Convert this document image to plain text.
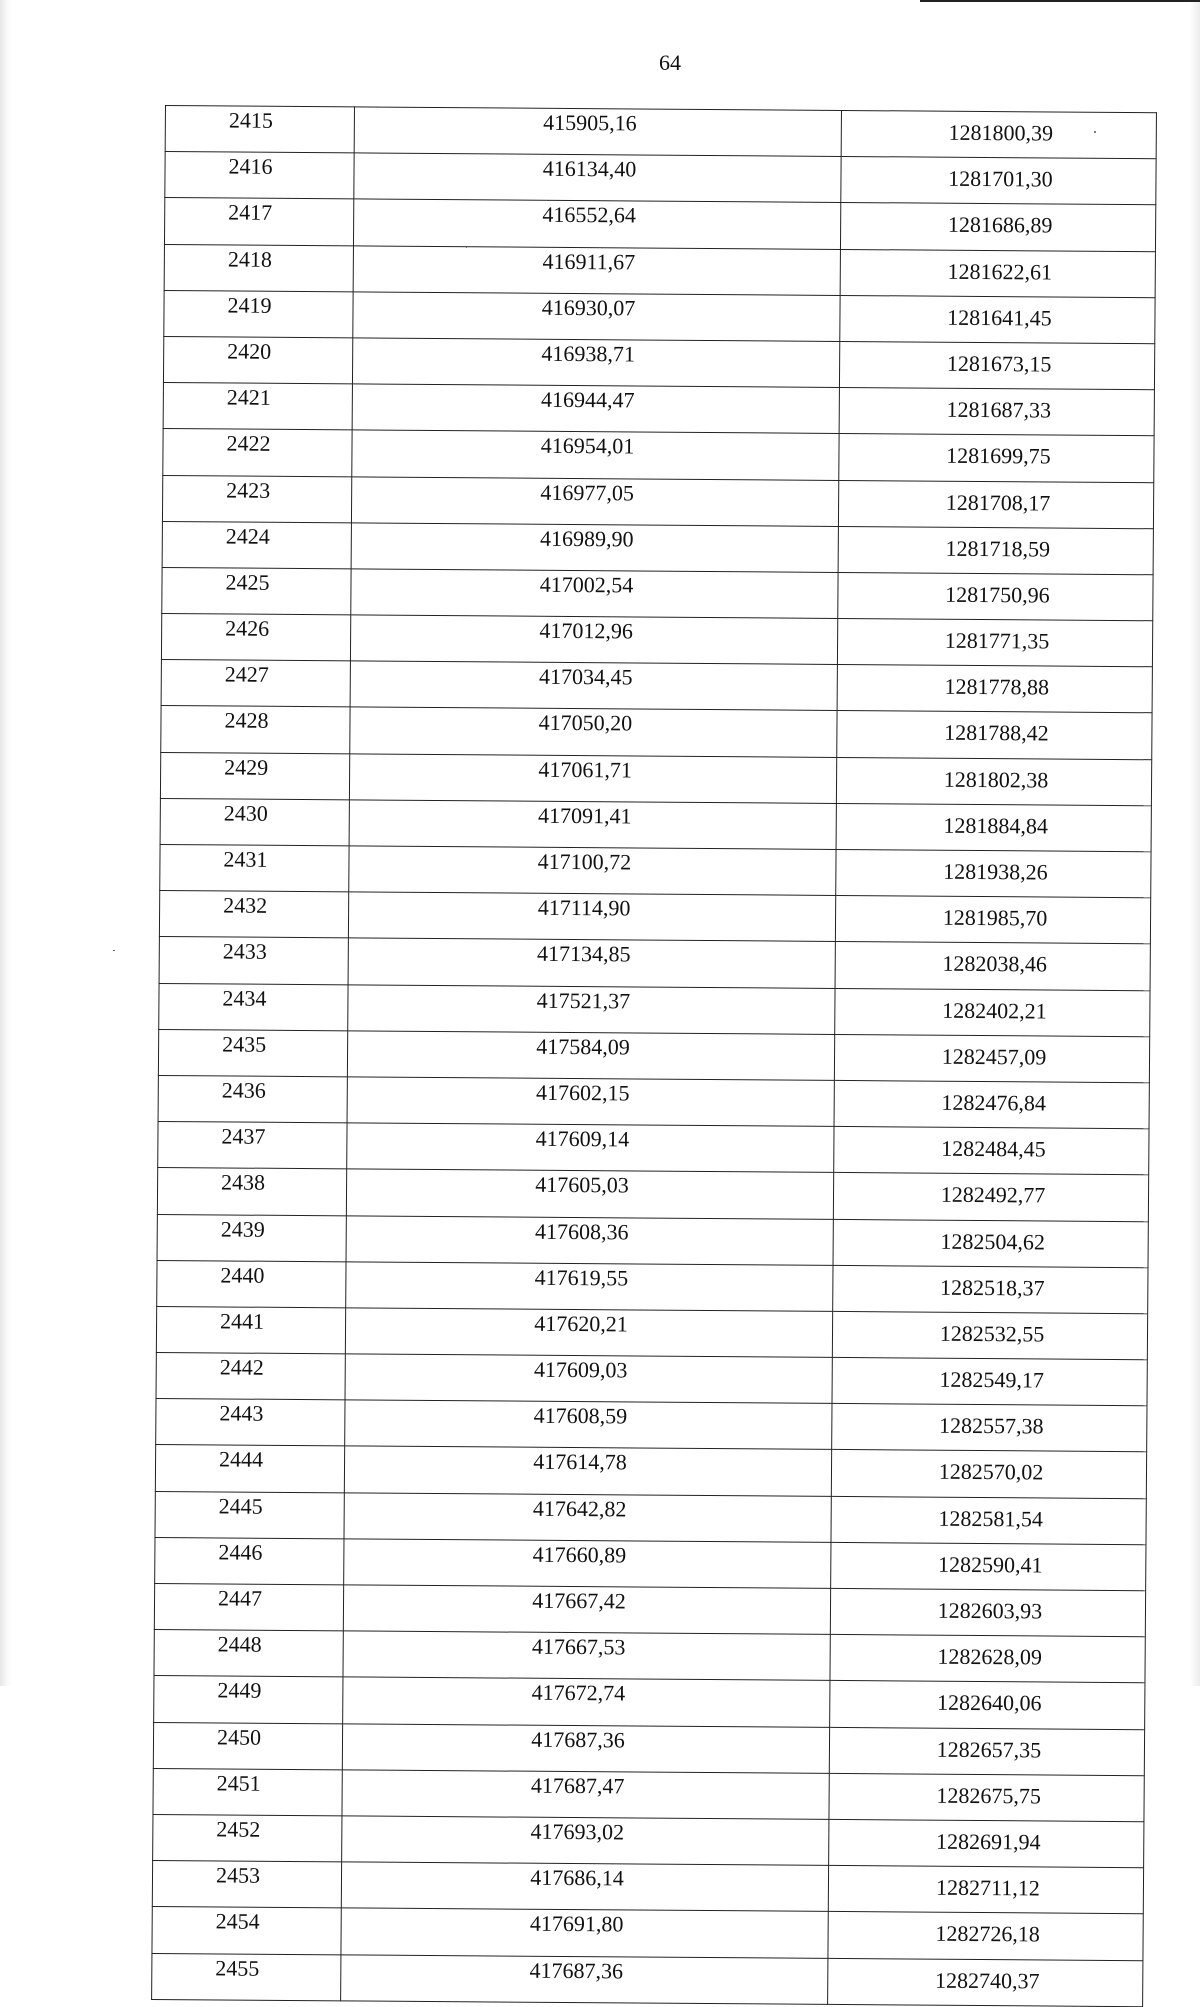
64
2415	415905,16	1281800,39
2416	416134,40	1281701,30
2417	416552,64	1281686,89
2418	416911,67	1281622,61
2419	416930,07	1281641,45
2420	416938,71	1281673,15
2421	416944,47	1281687,33
2422	416954,01	1281699,75
2423	416977,05	1281708,17
2424	416989,90	1281718,59
2425	417002,54	1281750,96
2426	417012,96	1281771,35
2427	417034,45	1281778,88
2428	417050,20	1281788,42
2429	417061,71	1281802,38
2430	417091,41	1281884,84
2431	417100,72	1281938,26
2432	417114,90	1281985,70
2433	417134,85	1282038,46
2434	417521,37	1282402,21
2435	417584,09	1282457,09
2436	417602,15	1282476,84
2437	417609,14	1282484,45
2438	417605,03	1282492,77
2439	417608,36	1282504,62
2440	417619,55	1282518,37
2441	417620,21	1282532,55
2442	417609,03	1282549,17
2443	417608,59	1282557,38
2444	417614,78	1282570,02
2445	417642,82	1282581,54
2446	417660,89	1282590,41
2447	417667,42	1282603,93
2448	417667,53	1282628,09
2449	417672,74	1282640,06
2450	417687,36	1282657,35
2451	417687,47	1282675,75
2452	417693,02	1282691,94
2453	417686,14	1282711,12
2454	417691,80	1282726,18
2455	417687,36	1282740,37
